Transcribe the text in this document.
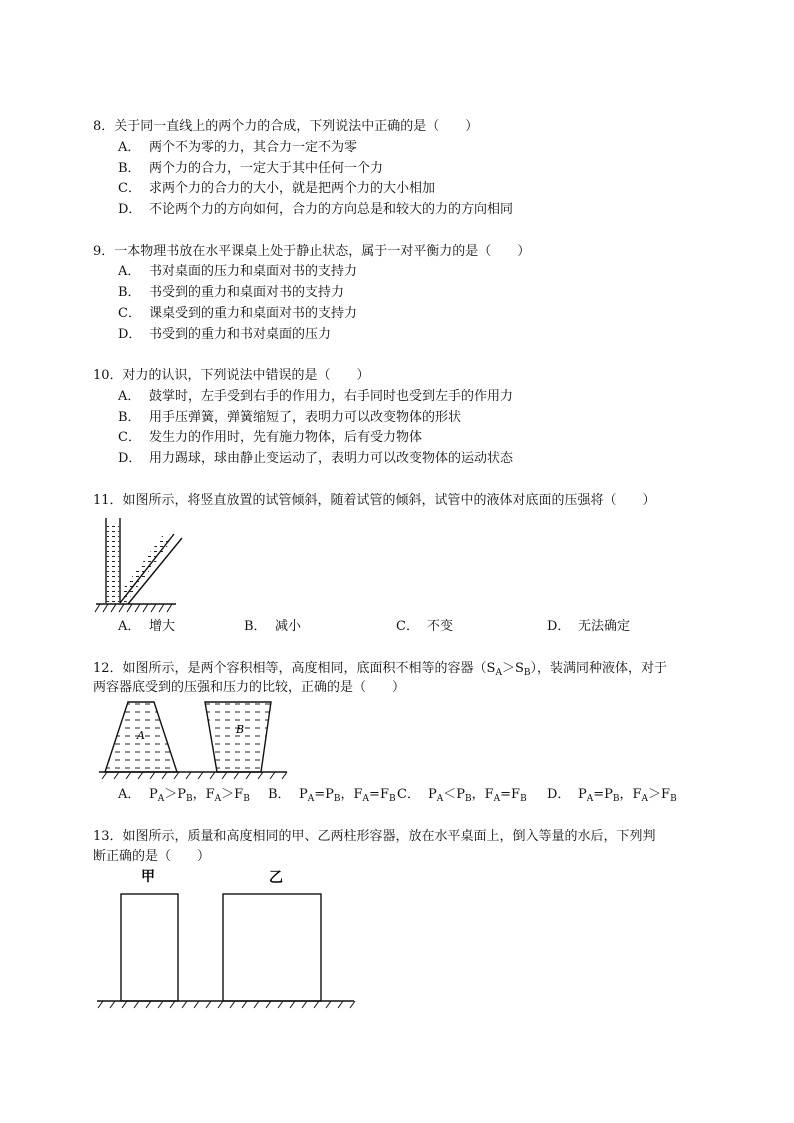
8．关于同一直线上的两个力的合成，下列说法中正确的是（　　）
A． 两个不为零的力，其合力一定不为零
B． 两个力的合力，一定大于其中任何一个力
C． 求两个力的合力的大小，就是把两个力的大小相加
D． 不论两个力的方向如何，合力的方向总是和较大的力的方向相同
9．一本物理书放在水平课桌上处于静止状态，属于一对平衡力的是（　　）
A． 书对桌面的压力和桌面对书的支持力
B． 书受到的重力和桌面对书的支持力
C． 课桌受到的重力和桌面对书的支持力
D． 书受到的重力和书对桌面的压力
10．对力的认识，下列说法中错误的是（　　）
A． 鼓掌时，左手受到右手的作用力，右手同时也受到左手的作用力
B． 用手压弹簧，弹簧缩短了，表明力可以改变物体的形状
C． 发生力的作用时，先有施力物体，后有受力物体
D． 用力踢球，球由静止变运动了，表明力可以改变物体的运动状态
11．如图所示，将竖直放置的试管倾斜，随着试管的倾斜，试管中的液体对底面的压强将（　　）
A． 增大	B． 减小	C． 不变	D． 无法确定
12．如图所示，是两个容积相等，高度相同，底面积不相等的容器$(S_A>S_B)$，装满同种液体，对于
两容器底受到的压强和压力的比较，正确的是（　　）
A	B
A． $P_A>P_B$，$F_A>F_B$ B． $P_A=P_B$，$F_A=F_B$ C． $P_A<P_B$，$F_A=F_B$ D． $P_A=P_B$，$F_A>F_B$
13．如图所示，质量和高度相同的甲、乙两柱形容器，放在水平桌面上，倒入等量的水后，下列判
断正确的是（　　）
甲	乙
